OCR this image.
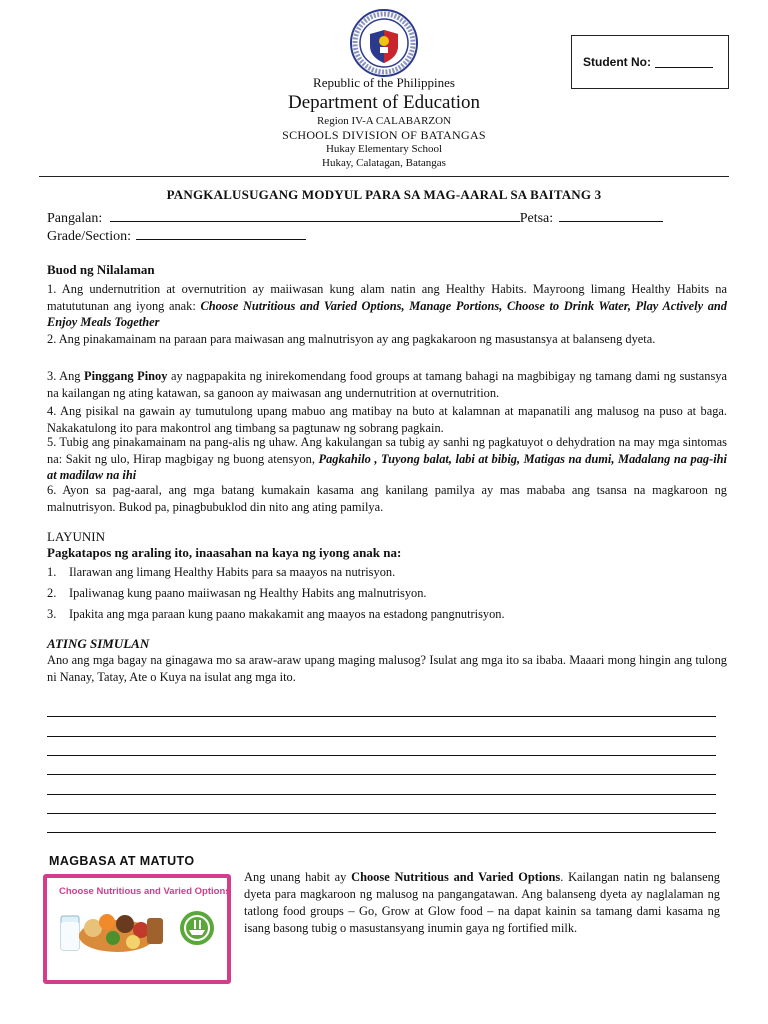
Student No:
Republic of the Philippines
Department of Education
Region IV-A CALABARZON
SCHOOLS DIVISION OF BATANGAS
Hukay Elementary School
Hukay, Calatagan, Batangas
PANGKALUSUGANG MODYUL PARA SA MAG-AARAL SA BAITANG 3
Pangalan:	Petsa:
Grade/Section:
Buod ng Nilalaman
1. Ang undernutrition at overnutrition ay maiiwasan kung alam natin ang Healthy Habits. Mayroong limang Healthy Habits na matututunan ang iyong anak: Choose Nutritious and Varied Options, Manage Portions, Choose to Drink Water, Play Actively and Enjoy Meals Together
2. Ang pinakamainam na paraan para maiwasan ang malnutrisyon ay ang pagkakaroon ng masustansya at balanseng dyeta.
3. Ang Pinggang Pinoy ay nagpapakita ng inirekomendang food groups at tamang bahagi na magbibigay ng tamang dami ng sustansya na kailangan ng ating katawan, sa ganoon ay maiwasan ang undernutrition at overnutrition.
4. Ang pisikal na gawain ay tumutulong upang mabuo ang matibay na buto at kalamnan at mapanatili ang malusog na puso at baga. Nakakatulong ito para makontrol ang timbang sa pagtunaw ng sobrang pagkain.
5. Tubig ang pinakamainam na pang-alis ng uhaw. Ang kakulangan sa tubig ay sanhi ng pagkatuyot o dehydration na may mga sintomas na: Sakit ng ulo, Hirap magbigay ng buong atensyon, Pagkahilo , Tuyong balat, labi at bibig, Matigas na dumi, Madalang na pag-ihi at madilaw na ihi
6. Ayon sa pag-aaral, ang mga batang kumakain kasama ang kanilang pamilya ay mas mababa ang tsansa na magkaroon ng malnutrisyon. Bukod pa, pinagbubuklod din nito ang ating pamilya.
LAYUNIN
Pagkatapos ng araling ito, inaasahan na kaya ng iyong anak na:
1. Ilarawan ang limang Healthy Habits para sa maayos na nutrisyon.
2. Ipaliwanag kung paano maiiwasan ng Healthy Habits ang malnutrisyon.
3. Ipakita ang mga paraan kung paano makakamit ang maayos na estadong pangnutrisyon.
ATING SIMULAN
Ano ang mga bagay na ginagawa mo sa araw-araw upang maging malusog? Isulat ang mga ito sa ibaba. Maaari mong hingin ang tulong ni Nanay, Tatay, Ate o Kuya na isulat ang mga ito.
MAGBASA AT MATUTO
Choose Nutritious and Varied Options
Ang unang habit ay Choose Nutritious and Varied Options. Kailangan natin ng balanseng dyeta para magkaroon ng malusog na pangangatawan. Ang balanseng dyeta ay naglalaman ng tatlong food groups – Go, Grow at Glow food – na dapat kainin sa tamang dami kasama ng isang basong tubig o masustansyang inumin gaya ng fortified milk.
